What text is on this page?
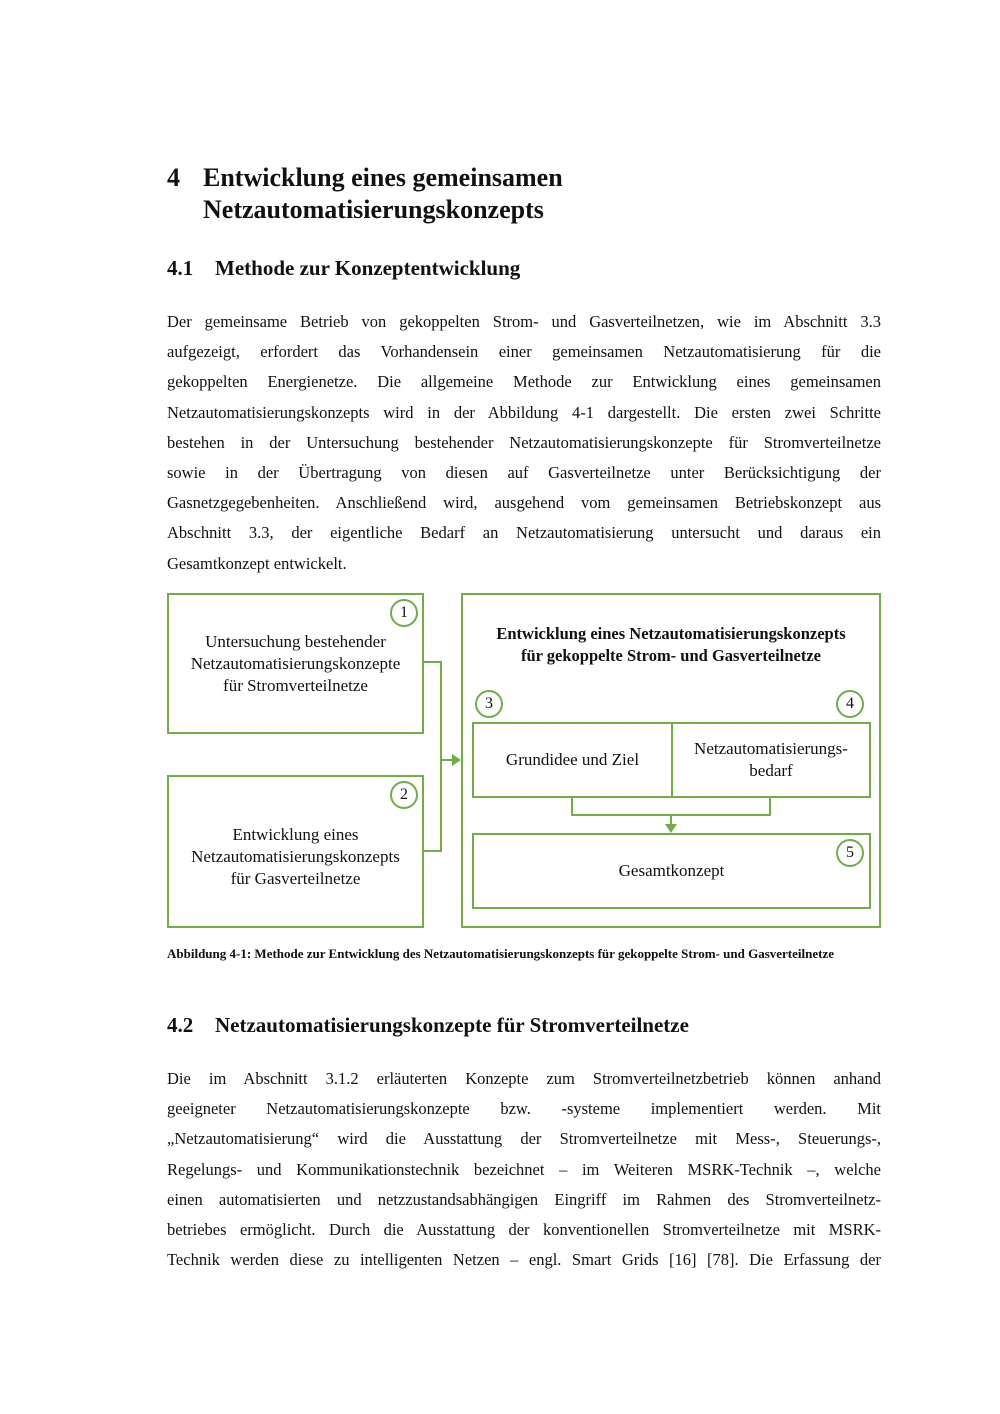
4 Entwicklung eines gemeinsamen
Netzautomatisierungskonzepts
4.1 Methode zur Konzeptentwicklung
Der gemeinsame Betrieb von gekoppelten Strom- und Gasverteilnetzen, wie im Abschnitt 3.3
aufgezeigt, erfordert das Vorhandensein einer gemeinsamen Netzautomatisierung für die
gekoppelten Energienetze. Die allgemeine Methode zur Entwicklung eines gemeinsamen
Netzautomatisierungskonzepts wird in der Abbildung 4-1 dargestellt. Die ersten zwei Schritte
bestehen in der Untersuchung bestehender Netzautomatisierungskonzepte für Stromverteilnetze
sowie in der Übertragung von diesen auf Gasverteilnetze unter Berücksichtigung der
Gasnetzgegebenheiten. Anschließend wird, ausgehend vom gemeinsamen Betriebskonzept aus
Abschnitt 3.3, der eigentliche Bedarf an Netzautomatisierung untersucht und daraus ein
Gesamtkonzept entwickelt.
Untersuchung bestehender
Netzautomatisierungskonzepte
für Stromverteilnetze
Entwicklung eines
Netzautomatisierungskonzepts
für Gasverteilnetze
Entwicklung eines Netzautomatisierungskonzepts
für gekoppelte Strom- und Gasverteilnetze
Grundidee und Ziel
Netzautomatisierungs-
bedarf
Gesamtkonzept
1
2
3	4
5
Abbildung 4-1: Methode zur Entwicklung des Netzautomatisierungskonzepts für gekoppelte Strom- und Gasverteilnetze
4.2 Netzautomatisierungskonzepte für Stromverteilnetze
Die im Abschnitt 3.1.2 erläuterten Konzepte zum Stromverteilnetzbetrieb können anhand
geeigneter Netzautomatisierungskonzepte bzw. -systeme implementiert werden. Mit
„Netzautomatisierung“ wird die Ausstattung der Stromverteilnetze mit Mess-, Steuerungs-,
Regelungs- und Kommunikationstechnik bezeichnet – im Weiteren MSRK-Technik –, welche
einen automatisierten und netzzustandsabhängigen Eingriff im Rahmen des Stromverteilnetz-
betriebes ermöglicht. Durch die Ausstattung der konventionellen Stromverteilnetze mit MSRK-
Technik werden diese zu intelligenten Netzen – engl. Smart Grids [16] [78]. Die Erfassung der
